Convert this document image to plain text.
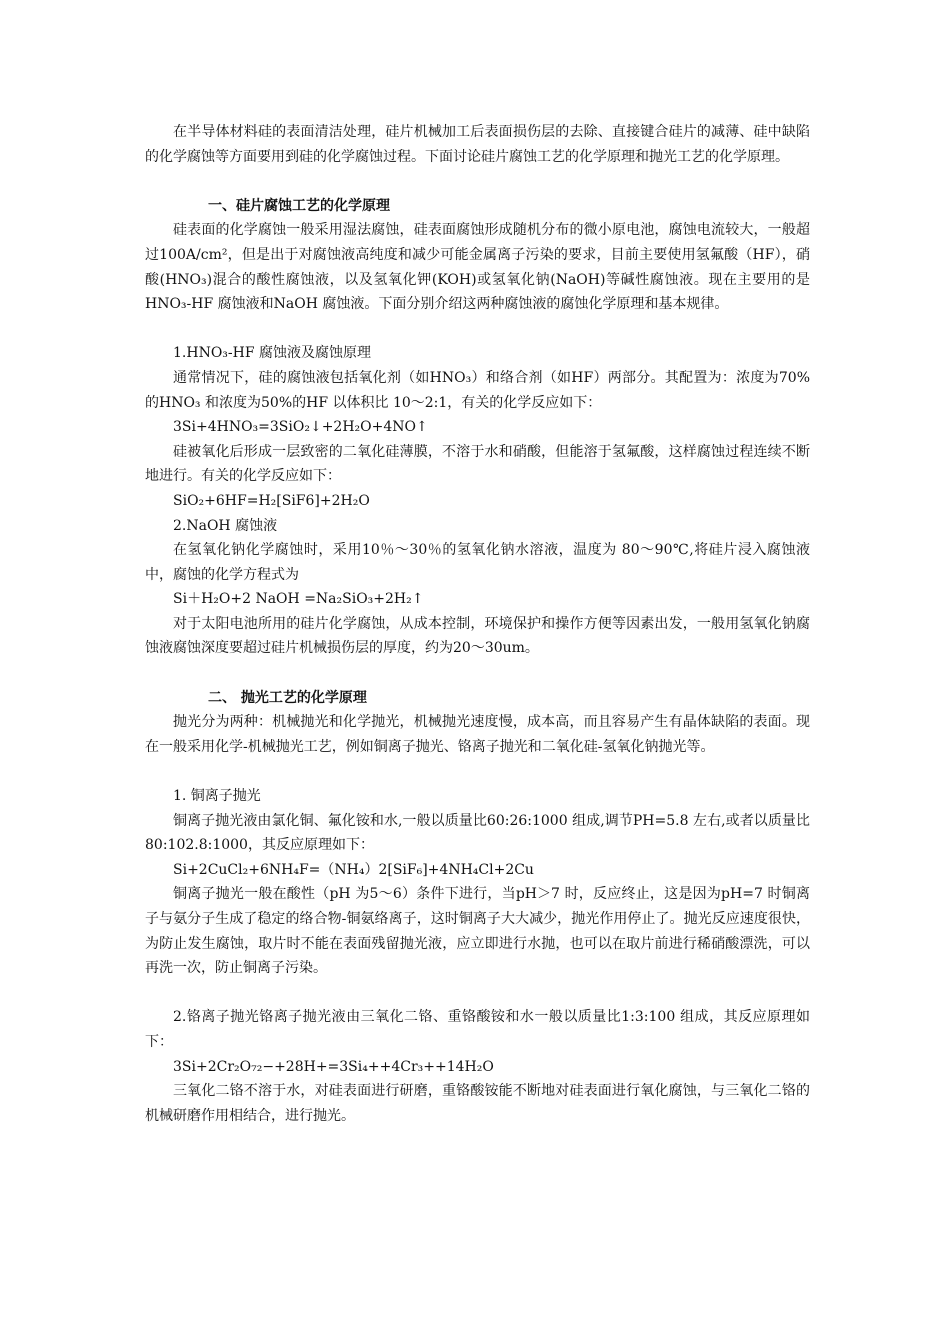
在半导体材料硅的表面清洁处理，硅片机械加工后表面损伤层的去除、直接键合硅片的减薄、硅中缺陷的化学腐蚀等方面要用到硅的化学腐蚀过程。下面讨论硅片腐蚀工艺的化学原理和抛光工艺的化学原理。

一、硅片腐蚀工艺的化学原理

硅表面的化学腐蚀一般采用湿法腐蚀，硅表面腐蚀形成随机分布的微小原电池，腐蚀电流较大，一般超过100A/cm²，但是出于对腐蚀液高纯度和减少可能金属离子污染的要求，目前主要使用氢氟酸（HF），硝酸(HNO₃)混合的酸性腐蚀液，以及氢氧化钾(KOH)或氢氧化钠(NaOH)等碱性腐蚀液。现在主要用的是HNO₃-HF 腐蚀液和NaOH 腐蚀液。下面分别介绍这两种腐蚀液的腐蚀化学原理和基本规律。

1.HNO₃-HF 腐蚀液及腐蚀原理

通常情况下，硅的腐蚀液包括氧化剂（如HNO₃）和络合剂（如HF）两部分。其配置为：浓度为70%的HNO₃ 和浓度为50%的HF 以体积比 10～2:1，有关的化学反应如下：

3Si+4HNO₃=3SiO₂↓+2H₂O+4NO↑

硅被氧化后形成一层致密的二氧化硅薄膜，不溶于水和硝酸，但能溶于氢氟酸，这样腐蚀过程连续不断地进行。有关的化学反应如下：

SiO₂+6HF=H₂[SiF6]+2H₂O

2.NaOH 腐蚀液

在氢氧化钠化学腐蚀时，采用10％～30％的氢氧化钠水溶液，温度为 80～90℃,将硅片浸入腐蚀液中，腐蚀的化学方程式为

Si＋H₂O+2 NaOH =Na₂SiO₃+2H₂↑

对于太阳电池所用的硅片化学腐蚀，从成本控制，环境保护和操作方便等因素出发，一般用氢氧化钠腐蚀液腐蚀深度要超过硅片机械损伤层的厚度，约为20～30um。

二、 抛光工艺的化学原理

抛光分为两种：机械抛光和化学抛光，机械抛光速度慢，成本高，而且容易产生有晶体缺陷的表面。现在一般采用化学-机械抛光工艺，例如铜离子抛光、铬离子抛光和二氧化硅-氢氧化钠抛光等。

1. 铜离子抛光

铜离子抛光液由氯化铜、氟化铵和水,一般以质量比60:26:1000 组成,调节PH=5.8 左右,或者以质量比80:102.8:1000，其反应原理如下：

Si+2CuCl₂+6NH₄F=（NH₄）2[SiF₆]+4NH₄Cl+2Cu

铜离子抛光一般在酸性（pH 为5～6）条件下进行，当pH＞7 时，反应终止，这是因为pH=7 时铜离子与氨分子生成了稳定的络合物-铜氨络离子，这时铜离子大大减少，抛光作用停止了。抛光反应速度很快，为防止发生腐蚀，取片时不能在表面残留抛光液，应立即进行水抛，也可以在取片前进行稀硝酸漂洗，可以再洗一次，防止铜离子污染。

2.铬离子抛光铬离子抛光液由三氧化二铬、重铬酸铵和水一般以质量比1:3:100 组成，其反应原理如下：

3Si+2Cr₂O₇₂−+28H+=3Si₄++4Cr₃++14H₂O

三氧化二铬不溶于水，对硅表面进行研磨，重铬酸铵能不断地对硅表面进行氧化腐蚀，与三氧化二铬的机械研磨作用相结合，进行抛光。
